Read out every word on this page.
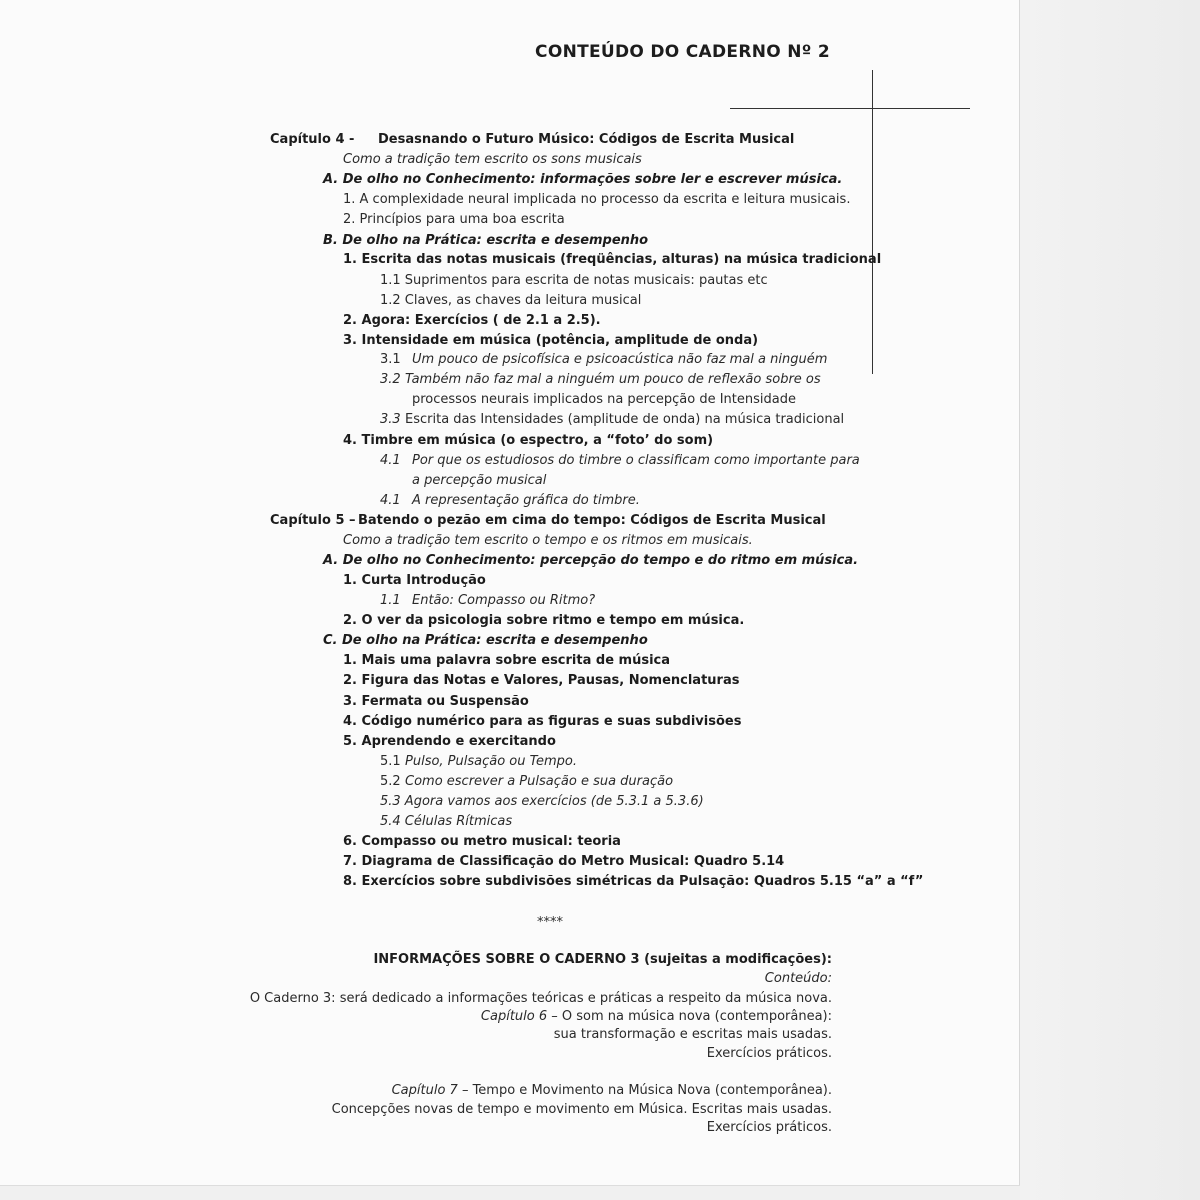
CONTEÚDO DO CADERNO Nº 2
Capítulo 4 - Desasnando o Futuro Músico: Códigos de Escrita Musical
Como a tradição tem escrito os sons musicais
A. De olho no Conhecimento: informações sobre ler e escrever música.
1. A complexidade neural implicada no processo da escrita e leitura musicais.
2. Princípios para uma boa escrita
B. De olho na Prática: escrita e desempenho
1. Escrita das notas musicais (freqüências, alturas) na música tradicional
1.1 Suprimentos para escrita de notas musicais: pautas etc
1.2 Claves, as chaves da leitura musical
2. Agora: Exercícios ( de 2.1 a 2.5).
3. Intensidade em música (potência, amplitude de onda)
3.1 Um pouco de psicofísica e psicoacústica não faz mal a ninguém
3.2 Também não faz mal a ninguém um pouco de reflexão sobre os
processos neurais implicados na percepção de Intensidade
3.3 Escrita das Intensidades (amplitude de onda) na música tradicional
4. Timbre em música (o espectro, a “foto’ do som)
4.1 Por que os estudiosos do timbre o classificam como importante para
a percepção musical
4.1 A representação gráfica do timbre.
Capítulo 5 – Batendo o pezão em cima do tempo: Códigos de Escrita Musical
Como a tradição tem escrito o tempo e os ritmos em musicais.
A. De olho no Conhecimento: percepção do tempo e do ritmo em música.
1. Curta Introdução
1.1 Então: Compasso ou Ritmo?
2. O ver da psicologia sobre ritmo e tempo em música.
C. De olho na Prática: escrita e desempenho
1. Mais uma palavra sobre escrita de música
2. Figura das Notas e Valores, Pausas, Nomenclaturas
3. Fermata ou Suspensão
4. Código numérico para as figuras e suas subdivisões
5. Aprendendo e exercitando
5.1 Pulso, Pulsação ou Tempo.
5.2 Como escrever a Pulsação e sua duração
5.3 Agora vamos aos exercícios (de 5.3.1 a 5.3.6)
5.4 Células Rítmicas
6. Compasso ou metro musical: teoria
7. Diagrama de Classificação do Metro Musical: Quadro 5.14
8. Exercícios sobre subdivisões simétricas da Pulsação: Quadros 5.15 “a” a “f”
****
INFORMAÇÕES SOBRE O CADERNO 3 (sujeitas a modificações):
Conteúdo:
O Caderno 3: será dedicado a informações teóricas e práticas a respeito da música nova.
Capítulo 6 – O som na música nova (contemporânea):
sua transformação e escritas mais usadas.
Exercícios práticos.
Capítulo 7 – Tempo e Movimento na Música Nova (contemporânea).
Concepções novas de tempo e movimento em Música. Escritas mais usadas.
Exercícios práticos.
